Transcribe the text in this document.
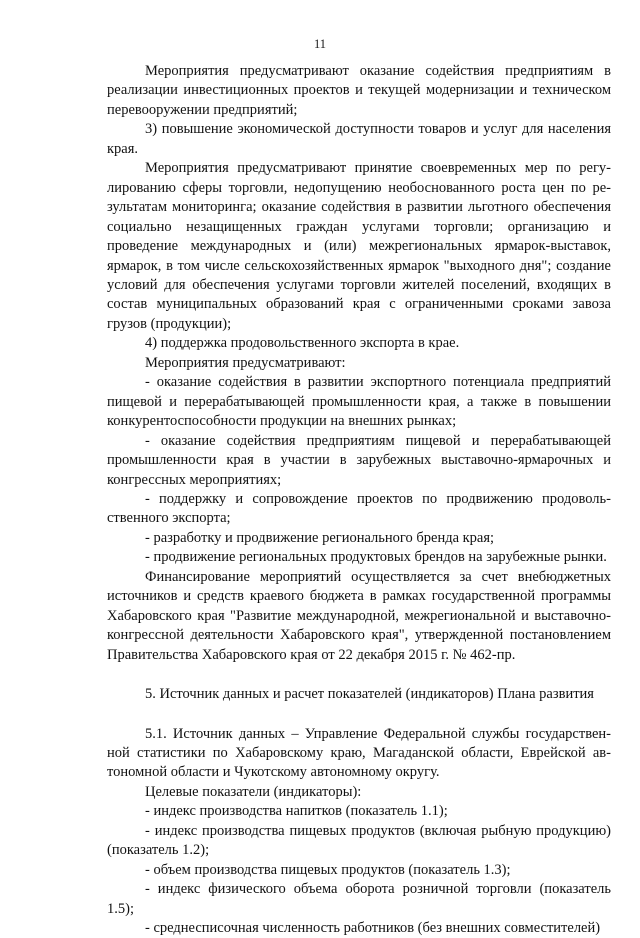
11

Мероприятия предусматривают оказание содействия предприятиям в реализации инвестиционных проектов и текущей модернизации и техническом перевооружении предприятий;

3) повышение экономической доступности товаров и услуг для населения края.

Мероприятия предусматривают принятие своевременных мер по регулированию сферы торговли, недопущению необоснованного роста цен по результатам мониторинга; оказание содействия в развитии льготного обеспечения социально незащищенных граждан услугами торговли; организацию и проведение международных и (или) межрегиональных ярмарок-выставок, ярмарок, в том числе сельскохозяйственных ярмарок "выходного дня"; создание условий для обеспечения услугами торговли жителей поселений, входящих в состав муниципальных образований края с ограниченными сроками завоза грузов (продукции);

4) поддержка продовольственного экспорта в крае.

Мероприятия предусматривают:

- оказание содействия в развитии экспортного потенциала предприятий пищевой и перерабатывающей промышленности края, а также в повышении конкурентоспособности продукции на внешних рынках;

- оказание содействия предприятиям пищевой и перерабатывающей промышленности края в участии в зарубежных выставочно-ярмарочных и конгрессных мероприятиях;

- поддержку и сопровождение проектов по продвижению продовольственного экспорта;

- разработку и продвижение регионального бренда края;

- продвижение региональных продуктовых брендов на зарубежные рынки.

Финансирование мероприятий осуществляется за счет внебюджетных источников и средств краевого бюджета в рамках государственной программы Хабаровского края "Развитие международной, межрегиональной и выставочно-конгрессной деятельности Хабаровского края", утвержденной постановлением Правительства Хабаровского края от 22 декабря 2015 г. № 462-пр.

5. Источник данных и расчет показателей (индикаторов) Плана развития

5.1. Источник данных – Управление Федеральной службы государственной статистики по Хабаровскому краю, Магаданской области, Еврейской автономной области и Чукотскому автономному округу.

Целевые показатели (индикаторы):

- индекс производства напитков (показатель 1.1);

- индекс производства пищевых продуктов (включая рыбную продукцию) (показатель 1.2);

- объем производства пищевых продуктов (показатель 1.3);

- индекс физического объема оборота розничной торговли (показатель 1.5);

- среднесписочная численность работников (без внешних совместителей)
